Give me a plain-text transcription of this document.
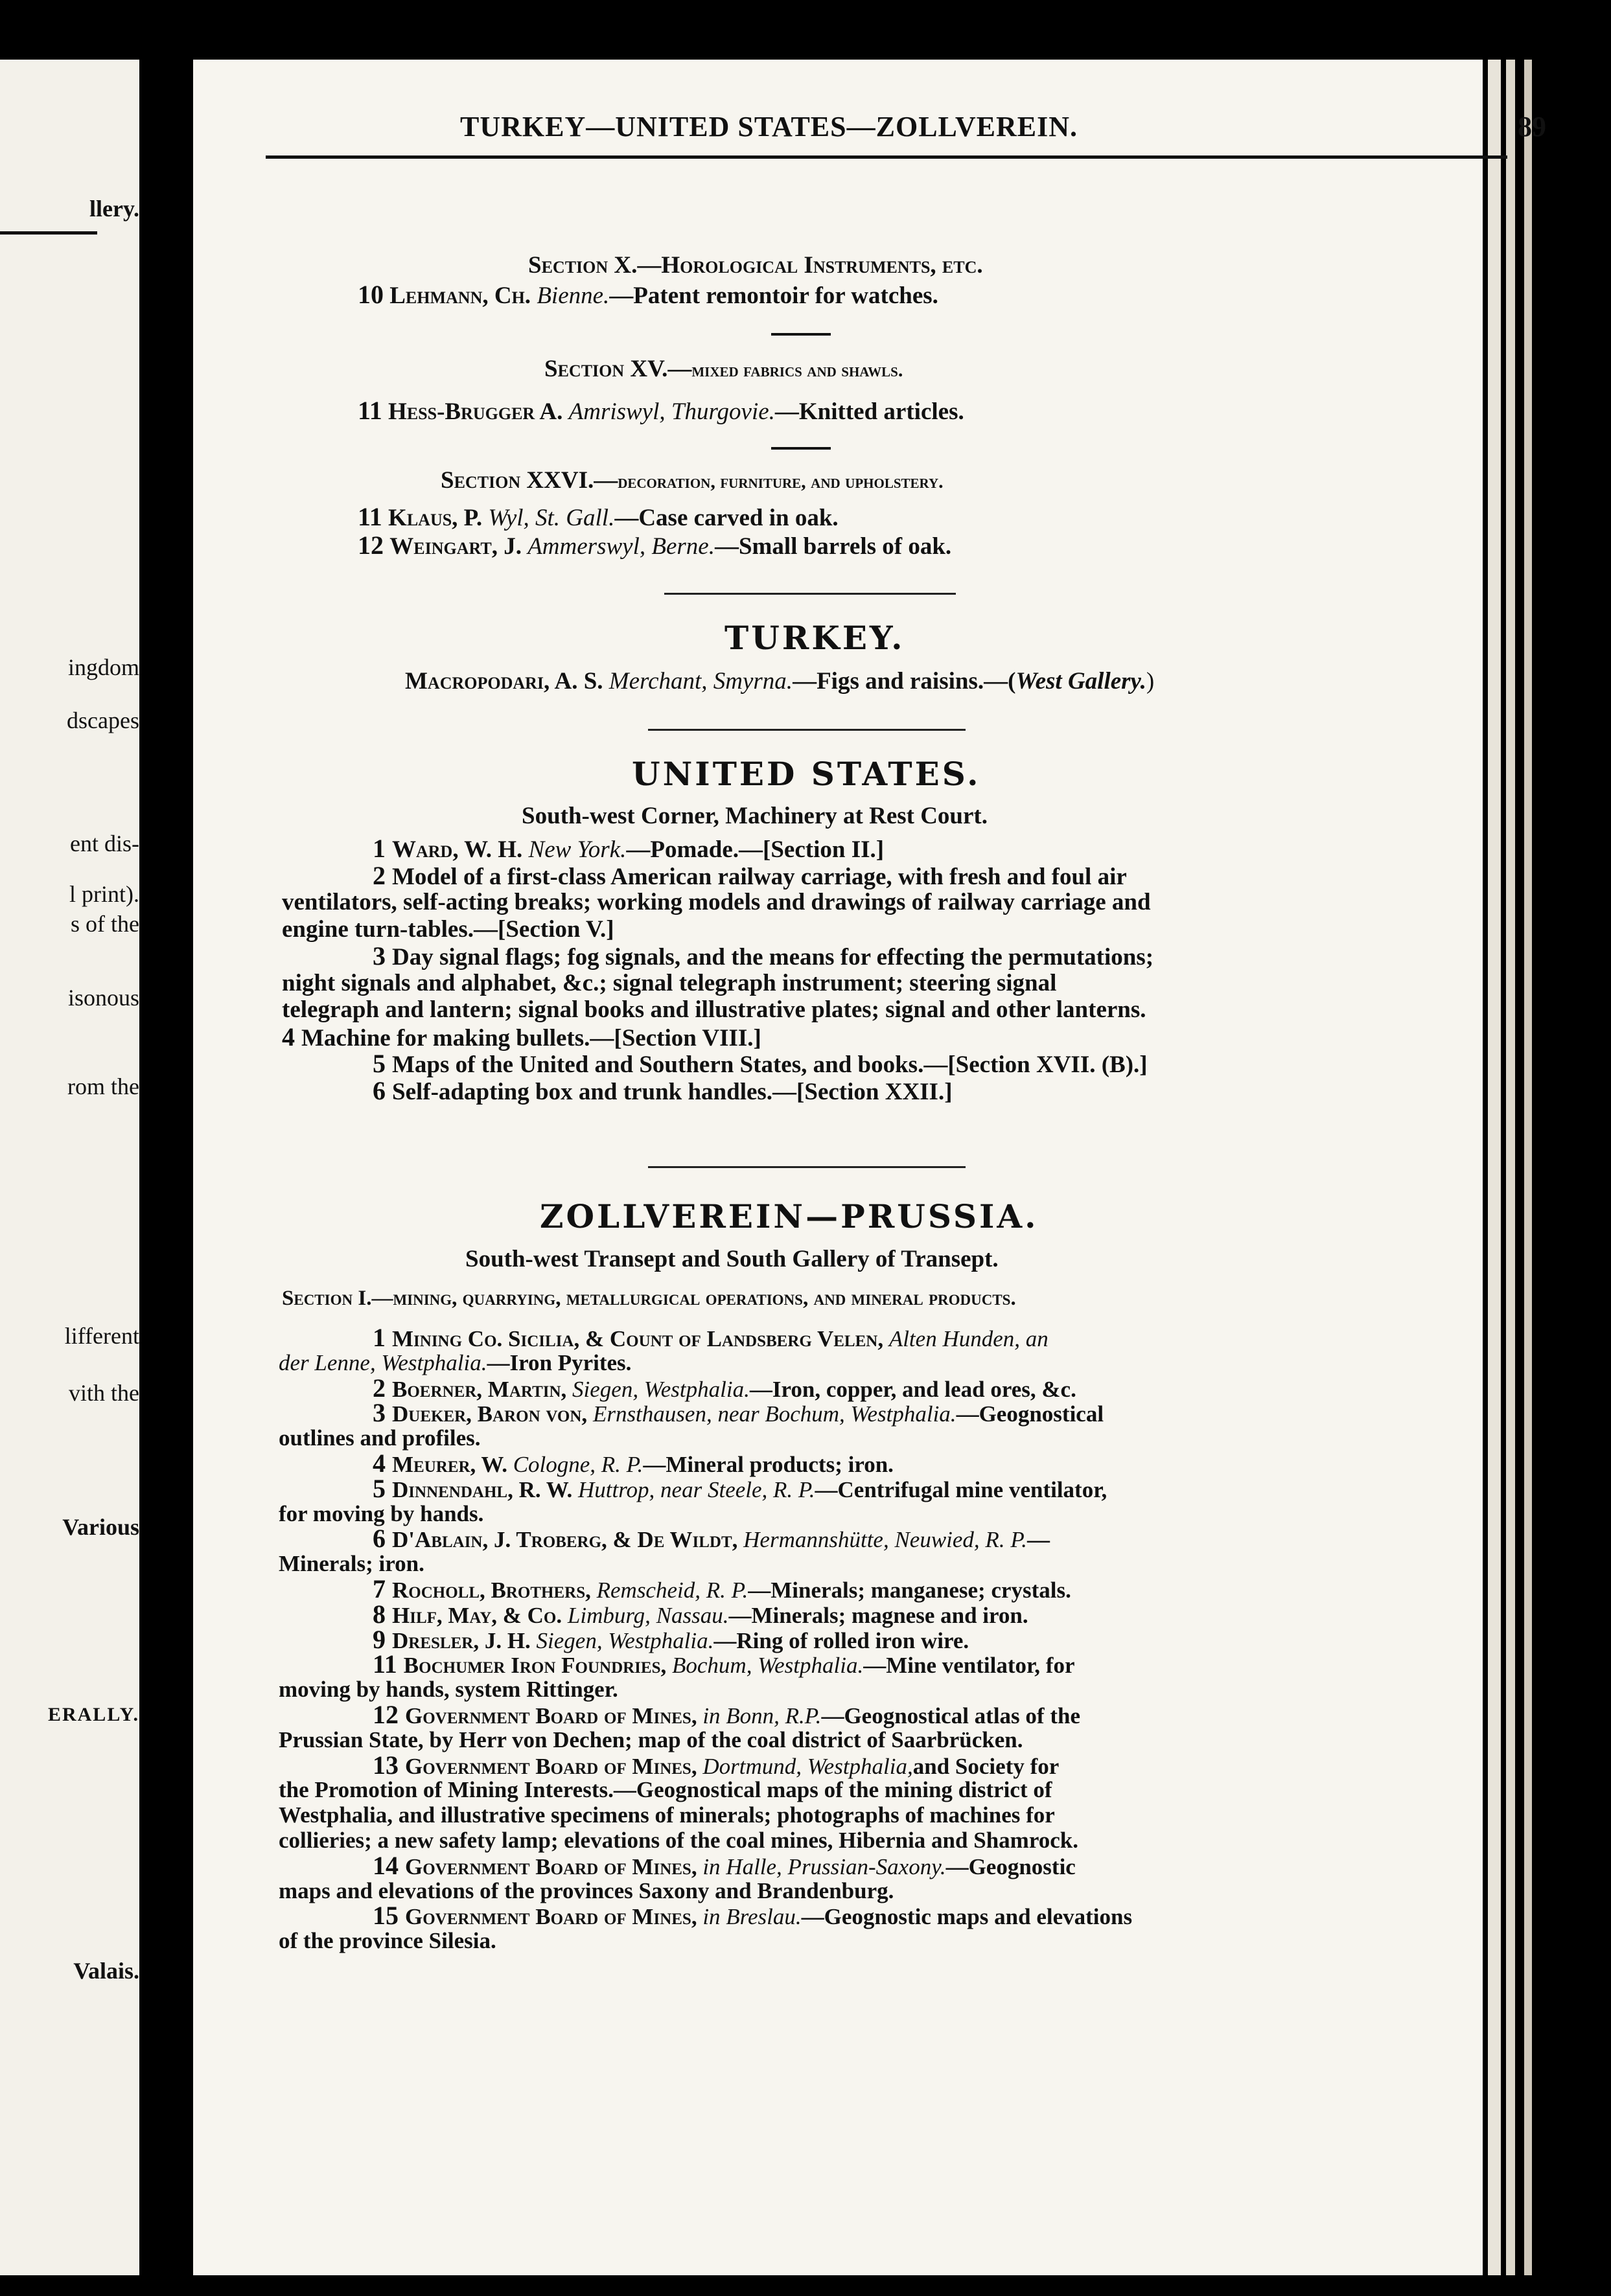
llery.
ingdom
dscapes
ent dis-
l print).
s of the
isonous
rom the
lifferent
vith the
Various
ERALLY.
Valais.
TURKEY—UNITED STATES—ZOLLVEREIN.	89
Section X.—Horological Instruments, etc.
10 Lehmann, Ch. Bienne.—Patent remontoir for watches.
Section XV.—mixed fabrics and shawls.
11 Hess-Brugger A. Amriswyl, Thurgovie.—Knitted articles.
Section XXVI.—decoration, furniture, and upholstery.
11 Klaus, P. Wyl, St. Gall.—Case carved in oak.
12 Weingart, J. Ammerswyl, Berne.—Small barrels of oak.
TURKEY.
Macropodari, A. S. Merchant, Smyrna.—Figs and raisins.—(West Gallery.)
UNITED STATES.
South-west Corner, Machinery at Rest Court.
1 Ward, W. H. New York.—Pomade.—[Section II.]
2 Model of a first-class American railway carriage, with fresh and foul air
ventilators, self-acting breaks; working models and drawings of railway carriage and
engine turn-tables.—[Section V.]
3 Day signal flags; fog signals, and the means for effecting the permutations;
night signals and alphabet, &c.; signal telegraph instrument; steering signal
telegraph and lantern; signal books and illustrative plates; signal and other lanterns.
4 Machine for making bullets.—[Section VIII.]
5 Maps of the United and Southern States, and books.—[Section XVII. (B).]
6 Self-adapting box and trunk handles.—[Section XXII.]
ZOLLVEREIN—PRUSSIA.
South-west Transept and South Gallery of Transept.
Section I.—mining, quarrying, metallurgical operations, and mineral products.
1 Mining Co. Sicilia, & Count of Landsberg Velen, Alten Hunden, an
der Lenne, Westphalia.—Iron Pyrites.
2 Boerner, Martin, Siegen, Westphalia.—Iron, copper, and lead ores, &c.
3 Dueker, Baron von, Ernsthausen, near Bochum, Westphalia.—Geognostical
outlines and profiles.
4 Meurer, W. Cologne, R. P.—Mineral products; iron.
5 Dinnendahl, R. W. Huttrop, near Steele, R. P.—Centrifugal mine ventilator,
for moving by hands.
6 D'Ablain, J. Troberg, & De Wildt, Hermannshütte, Neuwied, R. P.—
Minerals; iron.
7 Rocholl, Brothers, Remscheid, R. P.—Minerals; manganese; crystals.
8 Hilf, May, & Co. Limburg, Nassau.—Minerals; magnese and iron.
9 Dresler, J. H. Siegen, Westphalia.—Ring of rolled iron wire.
11 Bochumer Iron Foundries, Bochum, Westphalia.—Mine ventilator, for
moving by hands, system Rittinger.
12 Government Board of Mines, in Bonn, R.P.—Geognostical atlas of the
Prussian State, by Herr von Dechen; map of the coal district of Saarbrücken.
13 Government Board of Mines, Dortmund, Westphalia,and Society for
the Promotion of Mining Interests.—Geognostical maps of the mining district of
Westphalia, and illustrative specimens of minerals; photographs of machines for
collieries; a new safety lamp; elevations of the coal mines, Hibernia and Shamrock.
14 Government Board of Mines, in Halle, Prussian-Saxony.—Geognostic
maps and elevations of the provinces Saxony and Brandenburg.
15 Government Board of Mines, in Breslau.—Geognostic maps and elevations
of the province Silesia.
